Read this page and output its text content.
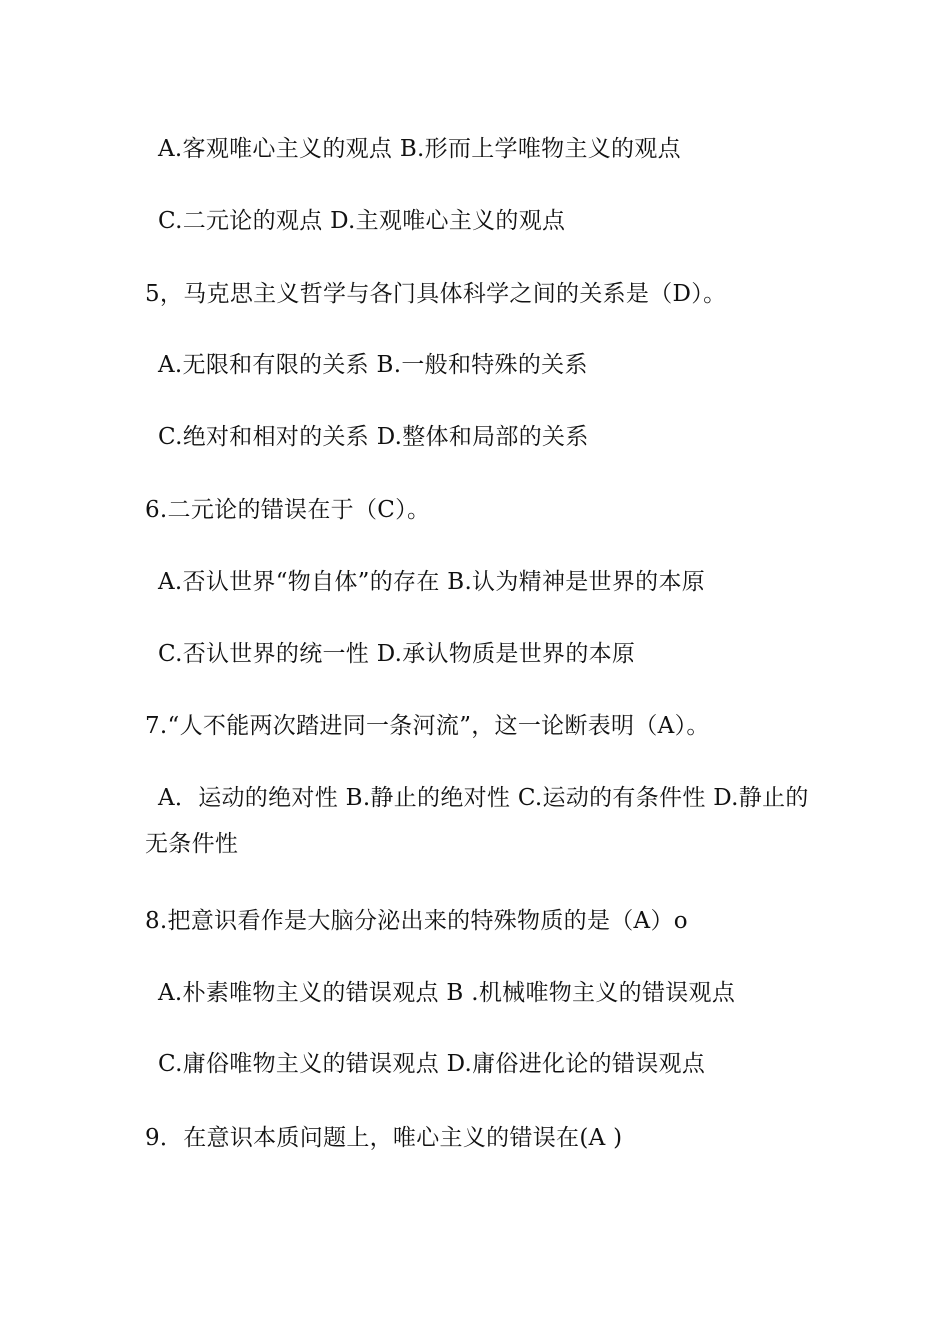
A.客观唯心主义的观点 B.形而上学唯物主义的观点
C.二元论的观点 D.主观唯心主义的观点
5，马克思主义哲学与各门具体科学之间的关系是（D）。
A.无限和有限的关系 B.一般和特殊的关系
C.绝对和相对的关系 D.整体和局部的关系
6.二元论的错误在于（C）。
A.否认世界“物自体”的存在 B.认为精神是世界的本原
C.否认世界的统一性 D.承认物质是世界的本原
7.“人不能两次踏进同一条河流”，这一论断表明（A）。
A．运动的绝对性 B.静止的绝对性 C.运动的有条件性 D.静止的无条件性
8.把意识看作是大脑分泌出来的特殊物质的是（A）o
A.朴素唯物主义的错误观点 B .机械唯物主义的错误观点
C.庸俗唯物主义的错误观点 D.庸俗进化论的错误观点
9．在意识本质问题上，唯心主义的错误在(A )
